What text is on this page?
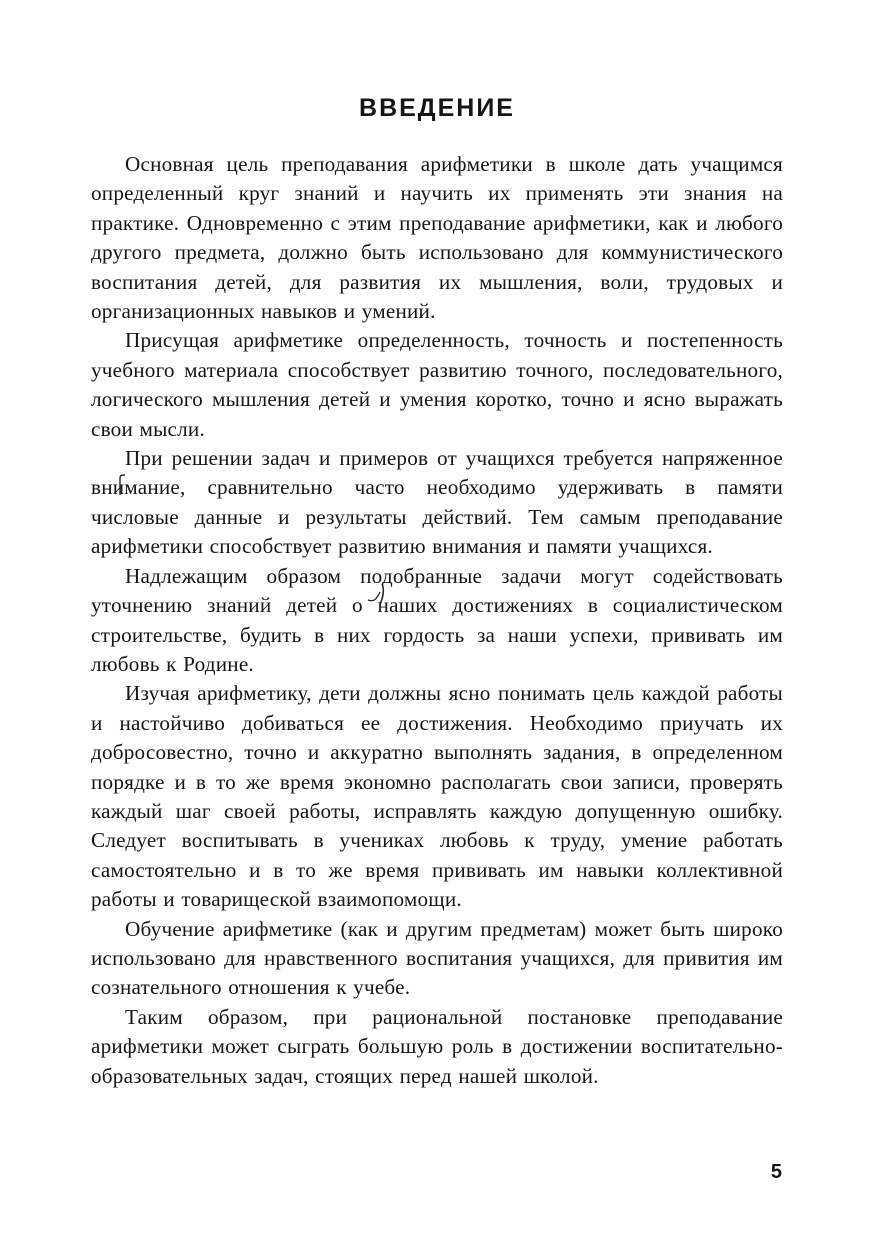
ВВЕДЕНИЕ

Основная цель преподавания арифметики в школе дать учащимся определенный круг знаний и научить их применять эти знания на практике. Одновременно с этим преподавание арифметики, как и любого другого предмета, должно быть использовано для коммунистического воспитания детей, для развития их мышления, воли, трудовых и организационных навыков и умений.

Присущая арифметике определенность, точность и постепенность учебного материала способствует развитию точного, последовательного, логического мышления детей и умения коротко, точно и ясно выражать свои мысли.

При решении задач и примеров от учащихся требуется напряженное внимание, сравнительно часто необходимо удерживать в памяти числовые данные и результаты действий. Тем самым преподавание арифметики способствует развитию внимания и памяти учащихся.

Надлежащим образом подобранные задачи могут содействовать уточнению знаний детей о наших достижениях в социалистическом строительстве, будить в них гордость за наши успехи, прививать им любовь к Родине.

Изучая арифметику, дети должны ясно понимать цель каждой работы и настойчиво добиваться ее достижения. Необходимо приучать их добросовестно, точно и аккуратно выполнять задания, в определенном порядке и в то же время экономно располагать свои записи, проверять каждый шаг своей работы, исправлять каждую допущенную ошибку. Следует воспитывать в учениках любовь к труду, умение работать самостоятельно и в то же время прививать им навыки коллективной работы и товарищеской взаимопомощи.

Обучение арифметике (как и другим предметам) может быть широко использовано для нравственного воспитания учащихся, для привития им сознательного отношения к учебе.

Таким образом, при рациональной постановке преподавание арифметики может сыграть большую роль в достижении воспитательно-образовательных задач, стоящих перед нашей школой.

5
